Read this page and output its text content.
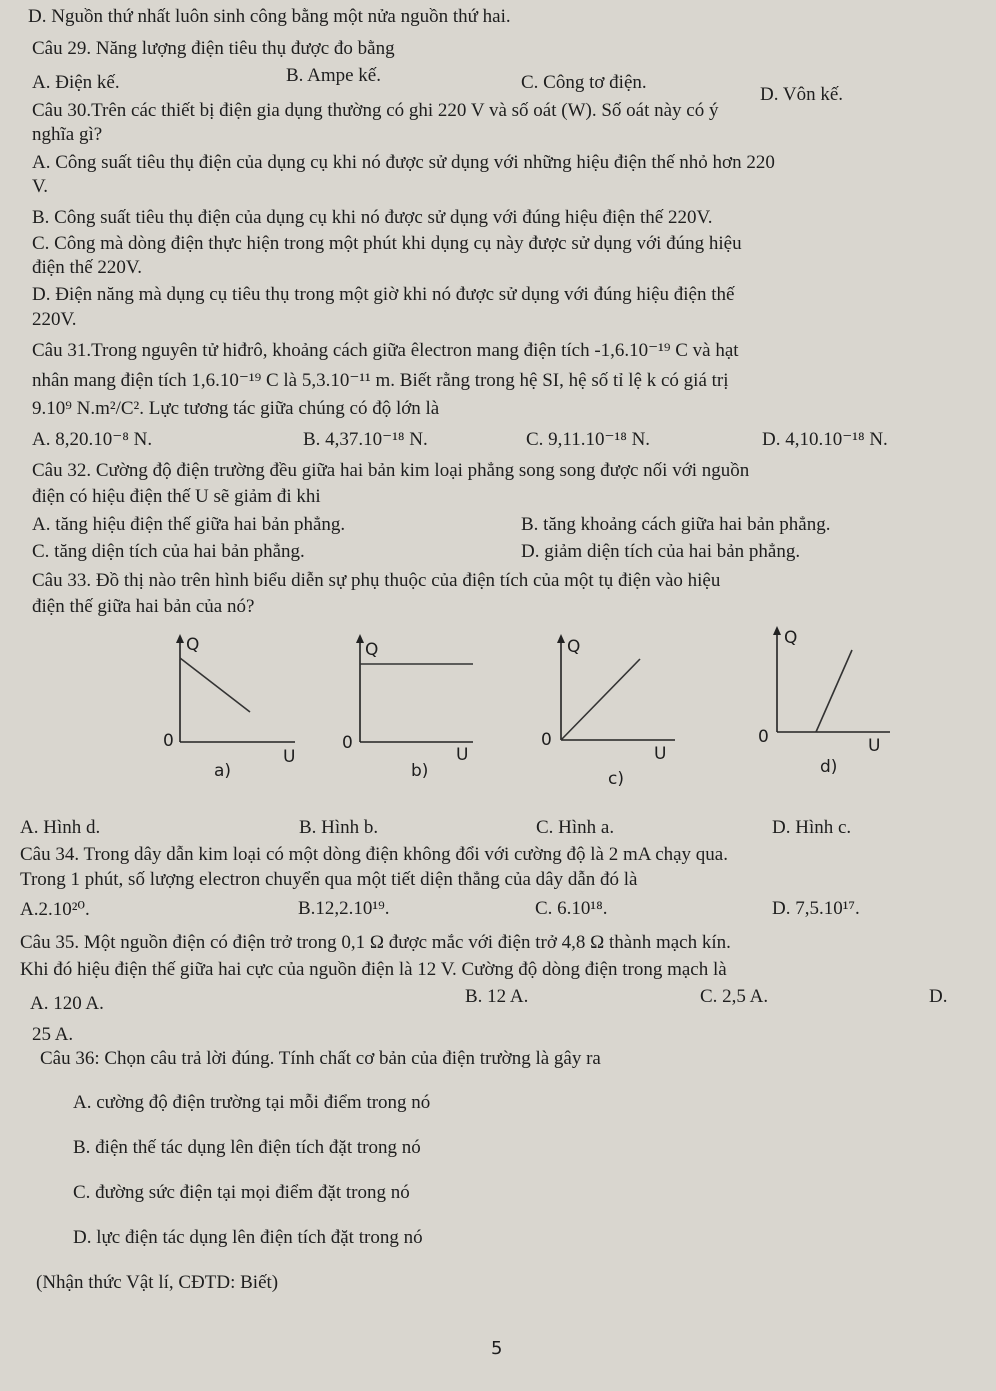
D. Nguồn thứ nhất luôn sinh công bằng một nửa nguồn thứ hai.
Câu 29. Năng lượng điện tiêu thụ được đo bằng
A. Điện kế.	B. Ampe kế.	C. Công tơ điện.
D. Vôn kế.
Câu 30.Trên các thiết bị điện gia dụng thường có ghi 220 V và số oát (W). Số oát này có ý
nghĩa gì?
A. Công suất tiêu thụ điện của dụng cụ khi nó được sử dụng với những hiệu điện thế nhỏ hơn 220
V.
B. Công suất tiêu thụ điện của dụng cụ khi nó được sử dụng với đúng hiệu điện thế 220V.
C. Công mà dòng điện thực hiện trong một phút khi dụng cụ này được sử dụng với đúng hiệu
điện thế 220V.
D. Điện năng mà dụng cụ tiêu thụ trong một giờ khi nó được sử dụng với đúng hiệu điện thế
220V.
Câu 31.Trong nguyên tử hiđrô, khoảng cách giữa êlectron mang điện tích -1,6.10⁻¹⁹ C và hạt
nhân mang điện tích 1,6.10⁻¹⁹ C là 5,3.10⁻¹¹ m. Biết rằng trong hệ SI, hệ số tỉ lệ k có giá trị
9.10⁹ N.m²/C². Lực tương tác giữa chúng có độ lớn là
A. 8,20.10⁻⁸ N.	B. 4,37.10⁻¹⁸ N.	C. 9,11.10⁻¹⁸ N.	D. 4,10.10⁻¹⁸ N.
Câu 32. Cường độ điện trường đều giữa hai bản kim loại phẳng song song được nối với nguồn
điện có hiệu điện thế U sẽ giảm đi khi
A. tăng hiệu điện thế giữa hai bản phẳng.	B. tăng khoảng cách giữa hai bản phẳng.
C. tăng diện tích của hai bản phẳng.	D. giảm diện tích của hai bản phẳng.
Câu 33. Đồ thị nào trên hình biểu diễn sự phụ thuộc của điện tích của một tụ điện vào hiệu
điện thế giữa hai bản của nó?
Q
0
U
a)
Q
0
U
b)
Q
0
U
c)
Q
0	U
d)
A. Hình d.	B. Hình b.	C. Hình a.	D. Hình c.
Câu 34. Trong dây dẫn kim loại có một dòng điện không đổi với cường độ là 2 mA chạy qua.
Trong 1 phút, số lượng electron chuyển qua một tiết diện thẳng của dây dẫn đó là
A.2.10²⁰.	B.12,2.10¹⁹.	C. 6.10¹⁸.	D. 7,5.10¹⁷.
Câu 35. Một nguồn điện có điện trở trong 0,1 Ω được mắc với điện trở 4,8 Ω thành mạch kín.
Khi đó hiệu điện thế giữa hai cực của nguồn điện là 12 V. Cường độ dòng điện trong mạch là
A. 120 A.	B. 12 A.	C. 2,5 A.	D.
25 A.
Câu 36: Chọn câu trả lời đúng. Tính chất cơ bản của điện trường là gây ra
A. cường độ điện trường tại mỗi điểm trong nó
B. điện thế tác dụng lên điện tích đặt trong nó
C. đường sức điện tại mọi điểm đặt trong nó
D. lực điện tác dụng lên điện tích đặt trong nó
(Nhận thức Vật lí, CĐTD: Biết)
5
